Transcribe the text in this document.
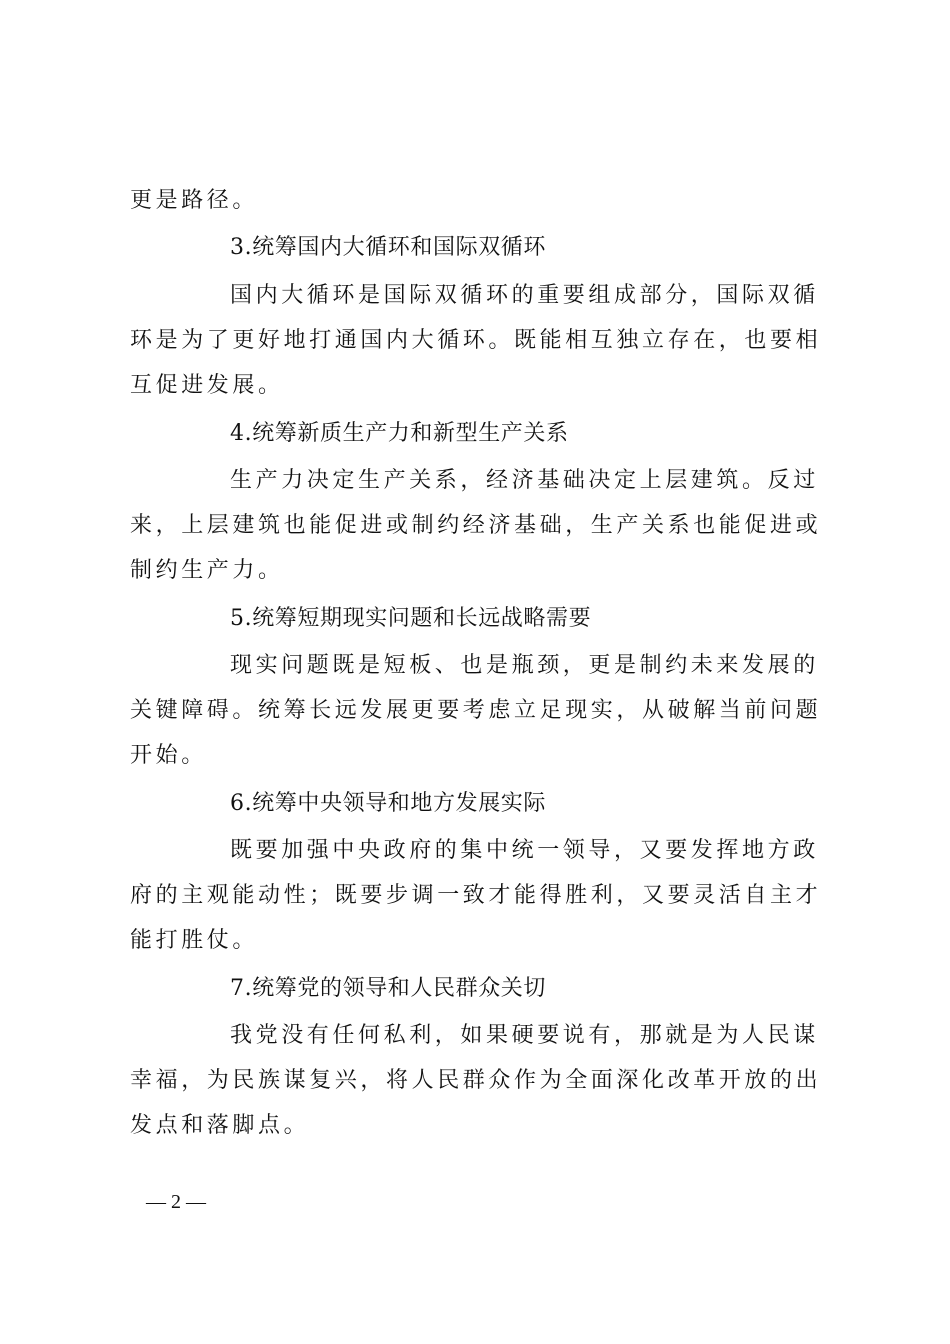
更是路径。
3.统筹国内大循环和国际双循环
国内大循环是国际双循环的重要组成部分，国际双循
环是为了更好地打通国内大循环。既能相互独立存在，也要相
互促进发展。
4.统筹新质生产力和新型生产关系
生产力决定生产关系，经济基础决定上层建筑。反过
来，上层建筑也能促进或制约经济基础，生产关系也能促进或
制约生产力。
5.统筹短期现实问题和长远战略需要
现实问题既是短板、也是瓶颈，更是制约未来发展的
关键障碍。统筹长远发展更要考虑立足现实，从破解当前问题
开始。
6.统筹中央领导和地方发展实际
既要加强中央政府的集中统一领导，又要发挥地方政
府的主观能动性；既要步调一致才能得胜利，又要灵活自主才
能打胜仗。
7.统筹党的领导和人民群众关切
我党没有任何私利，如果硬要说有，那就是为人民谋
幸福，为民族谋复兴，将人民群众作为全面深化改革开放的出
发点和落脚点。
— 2 —
